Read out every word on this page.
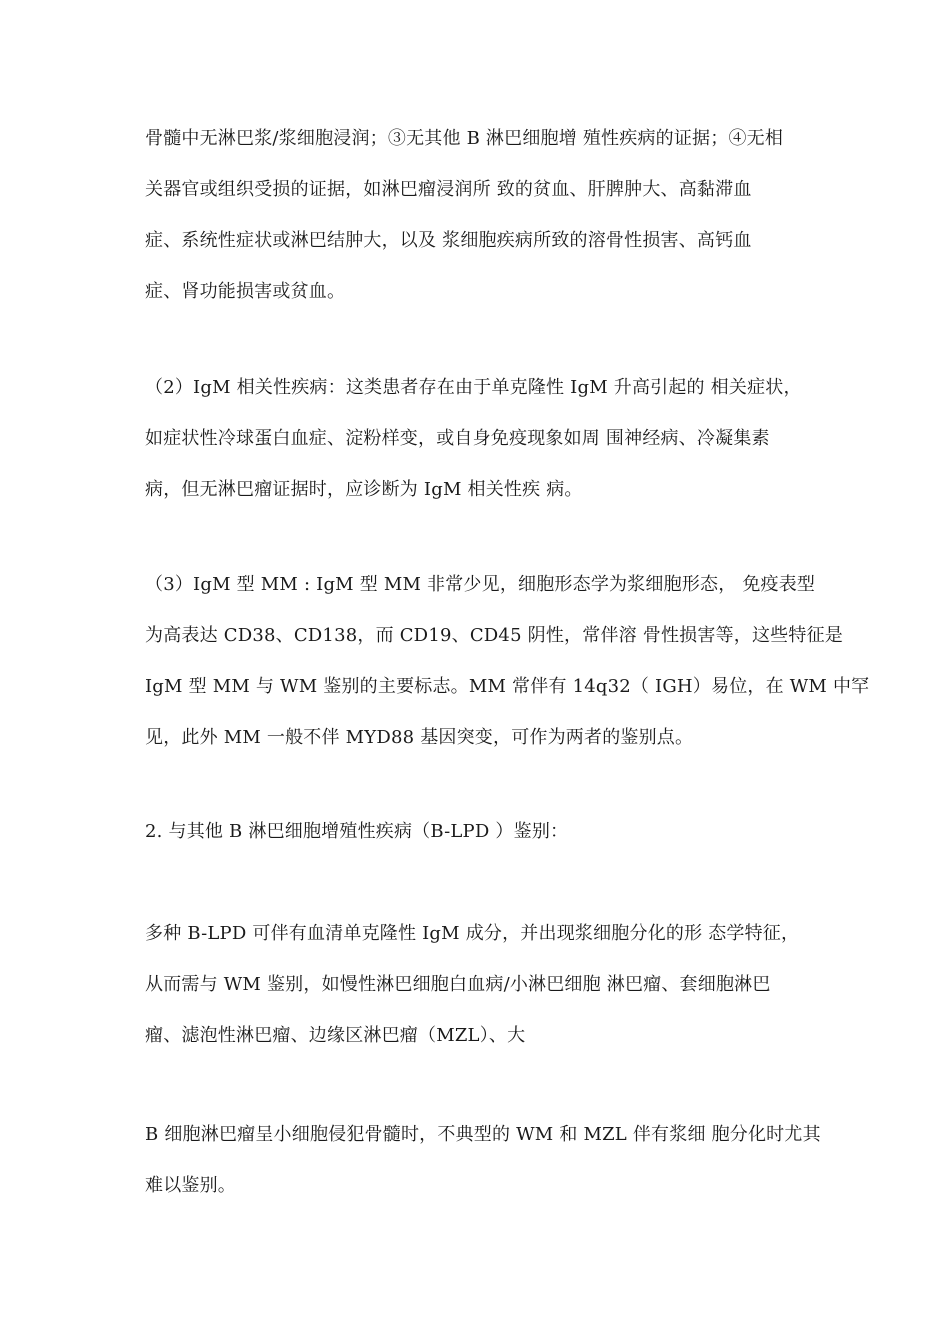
骨髓中无淋巴浆/浆细胞浸润；③无其他 B 淋巴细胞增 殖性疾病的证据；④无相
关器官或组织受损的证据，如淋巴瘤浸润所 致的贫血、肝脾肿大、高黏滞血
症、系统性症状或淋巴结肿大，以及 浆细胞疾病所致的溶骨性损害、高钙血
症、肾功能损害或贫血。
（2）IgM 相关性疾病：这类患者存在由于单克隆性 IgM 升高引起的 相关症状，
如症状性冷球蛋白血症、淀粉样变，或自身免疫现象如周 围神经病、冷凝集素
病，但无淋巴瘤证据时，应诊断为 IgM 相关性疾 病。
（3）IgM 型 MM : IgM 型 MM 非常少见，细胞形态学为浆细胞形态， 免疫表型
为高表达 CD38、CD138，而 CD19、CD45 阴性，常伴溶 骨性损害等，这些特征是
IgM 型 MM 与 WM 鉴别的主要标志。MM 常伴有 14q32（ IGH）易位，在 WM 中罕
见，此外 MM 一般不伴 MYD88 基因突变，可作为两者的鉴别点。
2. 与其他 B 淋巴细胞增殖性疾病（B-LPD ）鉴别：
多种 B-LPD 可伴有血清单克隆性 IgM 成分，并出现浆细胞分化的形 态学特征，
从而需与 WM 鉴别，如慢性淋巴细胞白血病/小淋巴细胞 淋巴瘤、套细胞淋巴
瘤、滤泡性淋巴瘤、边缘区淋巴瘤（MZL）、大
B 细胞淋巴瘤呈小细胞侵犯骨髓时，不典型的 WM 和 MZL 伴有浆细 胞分化时尤其
难以鉴别。
